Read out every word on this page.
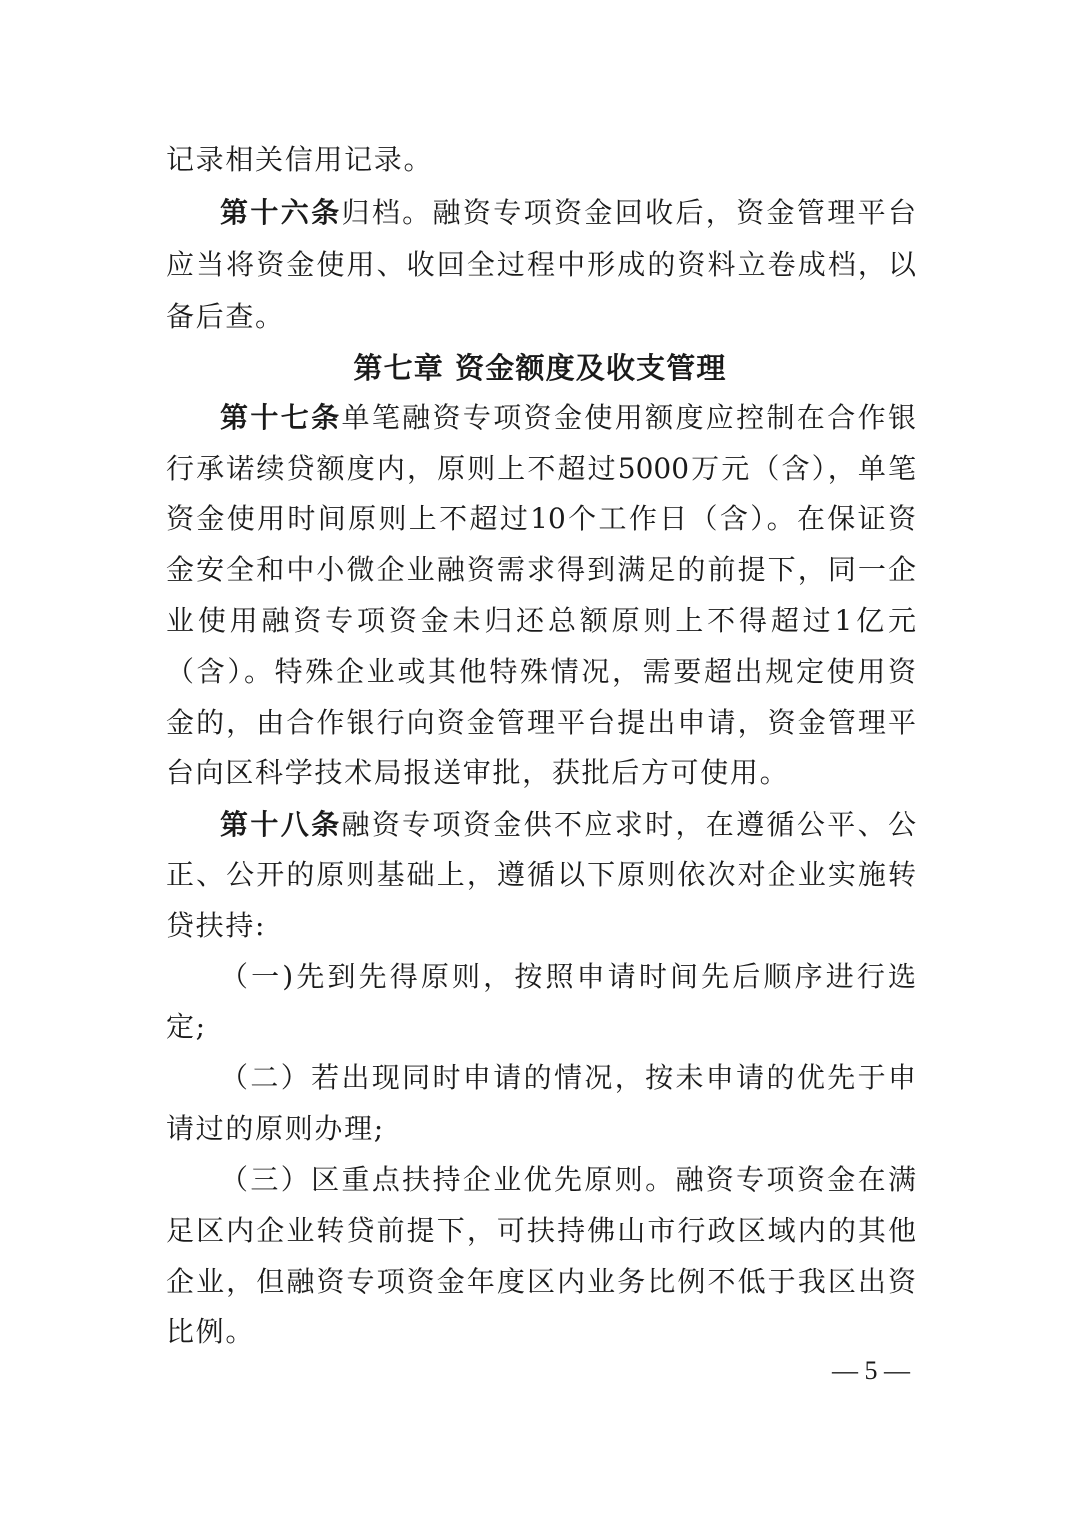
记录相关信用记录。
第十六条归档。融资专项资金回收后，资金管理平台
应当将资金使用、收回全过程中形成的资料立卷成档，以
备后查。
第七章 资金额度及收支管理
第十七条单笔融资专项资金使用额度应控制在合作银
行承诺续贷额度内，原则上不超过5000万元（含），单笔
资金使用时间原则上不超过10个工作日（含）。在保证资
金安全和中小微企业融资需求得到满足的前提下，同一企
业使用融资专项资金未归还总额原则上不得超过1亿元
（含）。特殊企业或其他特殊情况，需要超出规定使用资
金的，由合作银行向资金管理平台提出申请，资金管理平
台向区科学技术局报送审批，获批后方可使用。
第十八条融资专项资金供不应求时，在遵循公平、公
正、公开的原则基础上，遵循以下原则依次对企业实施转
贷扶持:
（一)先到先得原则，按照申请时间先后顺序进行选
定;
（二）若出现同时申请的情况，按未申请的优先于申
请过的原则办理;
（三）区重点扶持企业优先原则。融资专项资金在满
足区内企业转贷前提下，可扶持佛山市行政区域内的其他
企业，但融资专项资金年度区内业务比例不低于我区出资
比例。
— 5 —
